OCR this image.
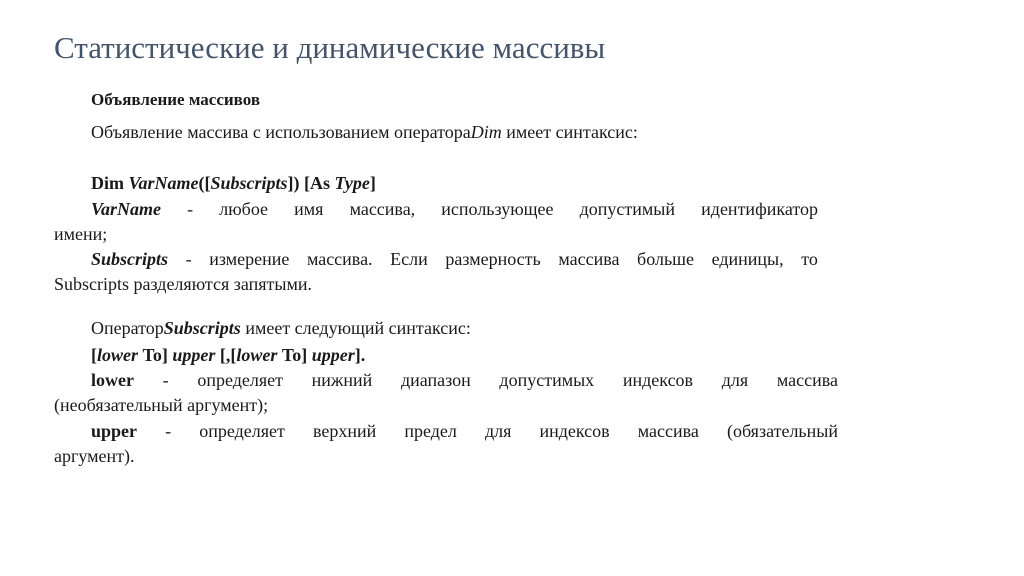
Статистические и динамические массивы
Объявление массивов
Объявление массива с использованием оператораDim имеет синтаксис:
Dim VarName([Subscripts]) [As Type]
VarName - любое имя массива, использующее допустимый идентификатор
имени;
Subscripts - измерение массива. Если размерность массива больше единицы, то
Subscripts разделяются запятыми.
ОператорSubscripts имеет следующий синтаксис:
[lower To] upper [,[lower To] upper].
lower - определяет нижний диапазон допустимых индексов для массива
(необязательный аргумент);
upper - определяет верхний предел для индексов массива (обязательный
аргумент).
